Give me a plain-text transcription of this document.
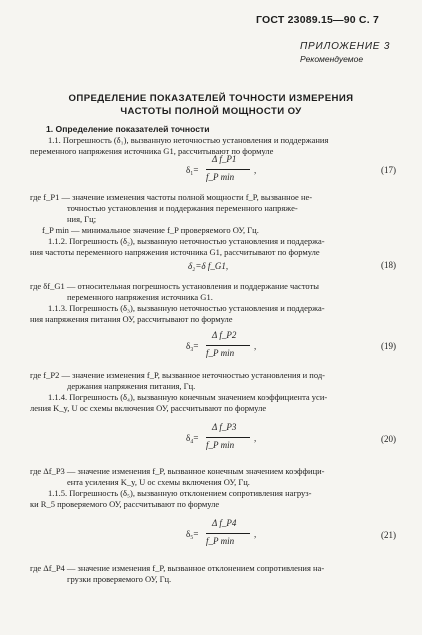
ГОСТ 23089.15—90 С. 7
ПРИЛОЖЕНИЕ 3
Рекомендуемое
ОПРЕДЕЛЕНИЕ ПОКАЗАТЕЛЕЙ ТОЧНОСТИ ИЗМЕРЕНИЯ
ЧАСТОТЫ ПОЛНОЙ МОЩНОСТИ ОУ
1. Определение показателей точности
1.1. Погрешность (δ₁), вызванную неточностью установления и поддержания
переменного напряжения источника G1, рассчитывают по формуле
δ₁=
Δ f_P1
f_P min
,	(17)
где f_P1 — значение изменения частоты полной мощности f_P, вызванное не-
точностью установления и поддержания переменного напряже-
ния, Гц;
f_P min — минимальное значение f_P проверяемого ОУ, Гц.
1.1.2. Погрешность (δ₂), вызванную неточностью установления и поддержа-
ния частоты переменного напряжения источника G1, рассчитывают по формуле
δ₂=δ f_G1,	(18)
где δf_G1 — относительная погрешность установления и поддержание частоты
переменного напряжения источника G1.
1.1.3. Погрешность (δ₃), вызванную неточностью установления и поддержа-
ния напряжения питания ОУ, рассчитывают по формуле
δ₃=
Δ f_P2
f_P min
,	(19)
где f_P2 — значение изменения f_P, вызванное неточностью установления и под-
держания напряжения питания, Гц.
1.1.4. Погрешность (δ₄), вызванную конечным значением коэффициента уси-
ления K_y, U oc схемы включения ОУ, рассчитывают по формуле
δ₄=
Δ f_P3
f_P min
,	(20)
где Δf_P3 — значение изменения f_P, вызванное конечным значением коэффици-
ента усиления K_y, U oc схемы включения ОУ, Гц.
1.1.5. Погрешность (δ₅), вызванную отклонением сопротивления нагруз-
ки R_5 проверяемого ОУ, рассчитывают по формуле
δ₅=
Δ f_P4
f_P min
,	(21)
где Δf_P4 — значение изменения f_P, вызванное отклонением сопротивления на-
грузки проверяемого ОУ, Гц.
